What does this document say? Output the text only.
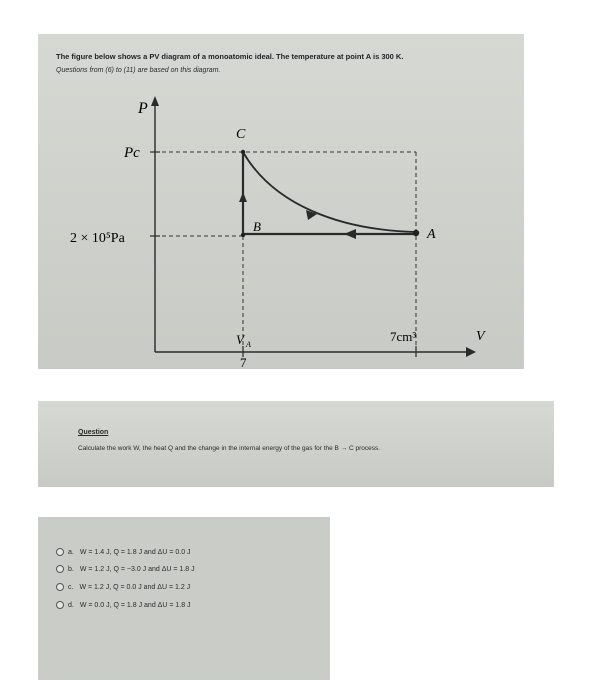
The figure below shows a PV diagram of a monoatomic ideal. The temperature at point A is 300 K.
Questions from (6) to (11) are based on this diagram.
P
V
Pc
2 × 10⁵Pa
C
B
A
V A
7
7cm³
Question
Calculate the work W, the heat Q and the change in the internal energy of the gas for the B → C process.
a. W = 1.4 J, Q = 1.8 J and ΔU = 0.0 J
b. W = 1.2 J, Q = −3.0 J and ΔU = 1.8 J
c. W = 1.2 J, Q = 0.0 J and ΔU = 1.2 J
d. W = 0.0 J, Q = 1.8 J and ΔU = 1.8 J
